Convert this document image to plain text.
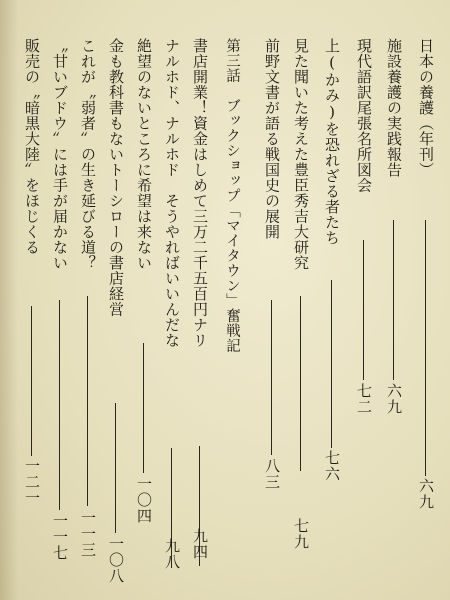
日本の養護（年刊）
六九
施設養護の実践報告
六九
現代語訳尾張名所図会
七二
上(かみ)を恐れざる者たち
七六
見た聞いた考えた豊臣秀吉大研究
七九
前野文書が語る戦国史の展開
八三
第三話　ブックショップ「マイタウン」奮戦記
書店開業！資金はしめて三万二千五百円ナリ
九四
ナルホド、ナルホド　そうやればいいんだな
九八
絶望のないところに希望は来ない
一〇四
金も教科書もないトーシローの書店経営
一〇八
これが〝弱者〟の生き延びる道？
一一三
〝甘いブドウ〟には手が届かない
一一七
販売の〝暗黒大陸〟をほじくる
一二一
